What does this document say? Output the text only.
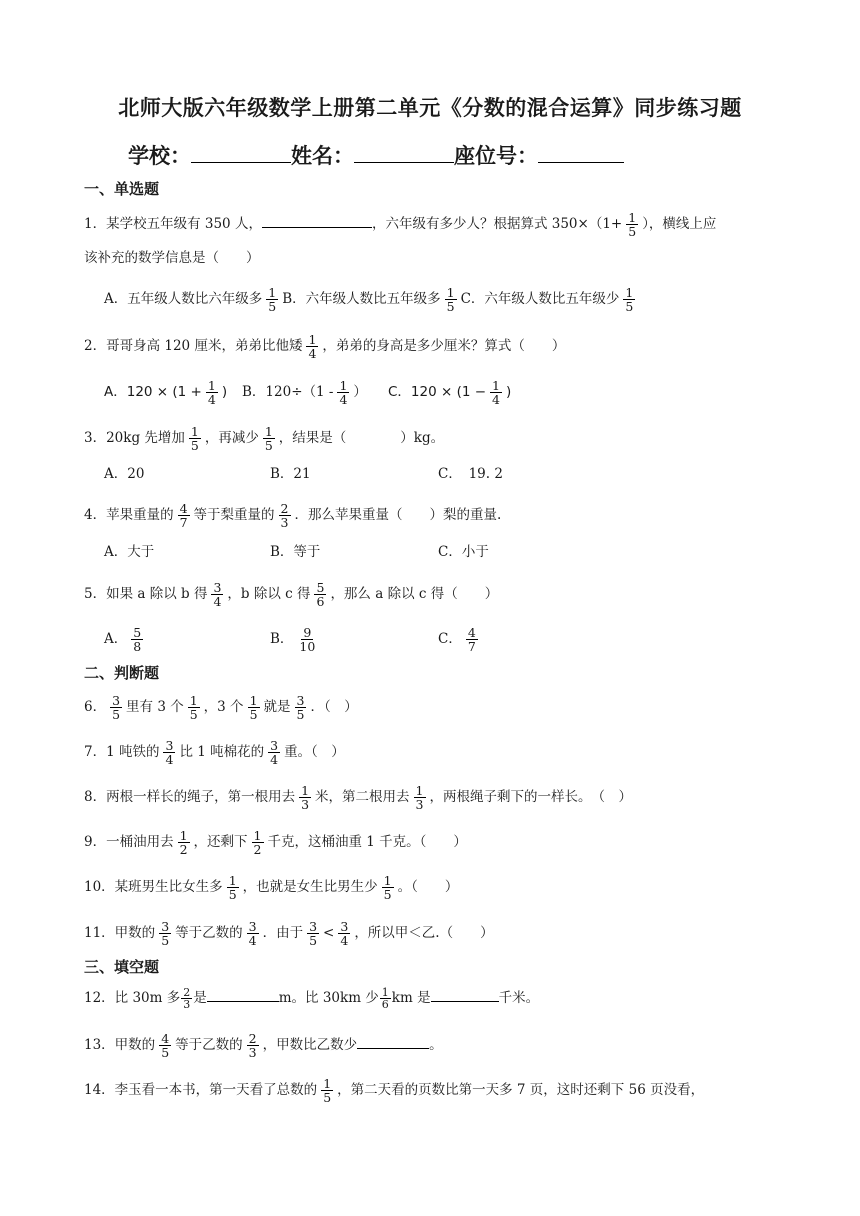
北师大版六年级数学上册第二单元《分数的混合运算》同步练习题
学校：	姓名：	座位号：
一、单选题
1．某学校五年级有 350 人，	，六年级有多少人？根据算式 $350\times(1+ \frac{1}{5}$ ），横线上应
该补充的数学信息是（　　）
A．五年级人数比六年级多 $\frac{1}{5}$ B．六年级人数比五年级多 $\frac{1}{5}$ C．六年级人数比五年级少 $\frac{1}{5}$
2．哥哥身高 120 厘米，弟弟比他矮 $\frac{1}{4}$ ，弟弟的身高是多少厘米？算式（　　）
A．$120 \times (1 + \frac{1}{4}$ ) B．$120\div(1 - \frac{1}{4}$ ） C．$120 \times (1 - \frac{1}{4}$ )
3．20kg 先增加 $\frac{1}{5}$ ，再减少 $\frac{1}{5}$ ，结果是（　　　　）kg。
A．20	B．21	C．　19. 2
4．苹果重量的 $\frac{4}{7}$ 等于梨重量的 $\frac{2}{3}$ ．那么苹果重量（　　）梨的重量.
A．大于	B．等于	C．小于
5．如果 a 除以 b 得 $\frac{3}{4}$ ，b 除以 c 得 $\frac{5}{6}$ ，那么 a 除以 c 得（　　）
A． $\frac{5}{8}$	B． $\frac{9}{10}$	C． $\frac{4}{7}$
二、判断题
6． $\frac{3}{5}$ 里有 3 个 $\frac{1}{5}$ ，3 个 $\frac{1}{5}$ 就是 $\frac{3}{5}$ ．（　）
7．1 吨铁的 $\frac{3}{4}$ 比 1 吨棉花的 $\frac{3}{4}$ 重。（　）
8．两根一样长的绳子，第一根用去 $\frac{1}{3}$ 米，第二根用去 $\frac{1}{3}$ ，两根绳子剩下的一样长。　（　）
9．一桶油用去 $\frac{1}{2}$ ，还剩下 $\frac{1}{2}$ 千克，这桶油重 1 千克。（　　）
10．某班男生比女生多 $\frac{1}{5}$ ，也就是女生比男生少 $\frac{1}{5}$ 。（　　）
11．甲数的 $\frac{3}{5}$ 等于乙数的 $\frac{3}{4}$ ．由于 $\frac{3}{5} < \frac{3}{4}$ ，所以甲＜乙.（　　）
三、填空题
12．比 30m 多 $\frac{2}{3}$ 是	m。比 30km 少 $\frac{1}{6}$ km 是	千米。
13．甲数的 $\frac{4}{5}$ 等于乙数的 $\frac{2}{3}$ ，甲数比乙数少	。
14．李玉看一本书，第一天看了总数的 $\frac{1}{5}$ ，第二天看的页数比第一天多 7 页，这时还剩下 56 页没看，
